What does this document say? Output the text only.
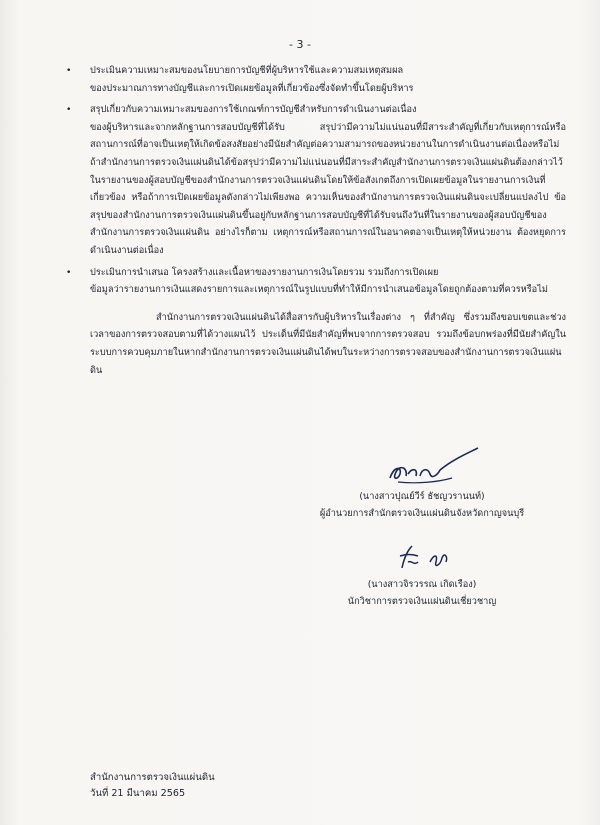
- 3 -
•	ประเมินความเหมาะสมของนโยบายการบัญชีที่ผู้บริหารใช้และความสมเหตุสมผล
ของประมาณการทางบัญชีและการเปิดเผยข้อมูลที่เกี่ยวข้องซึ่งจัดทำขึ้นโดยผู้บริหาร
•	สรุปเกี่ยวกับความเหมาะสมของการใช้เกณฑ์การบัญชีสำหรับการดำเนินงานต่อเนื่อง
ของผู้บริหารและจากหลักฐานการสอบบัญชีที่ได้รับ สรุปว่ามีความไม่แน่นอนที่มีสาระสำคัญที่เกี่ยวกับเหตุการณ์หรือสถานการณ์ที่อาจเป็นเหตุให้เกิดข้อสงสัยอย่างมีนัยสำคัญต่อความสามารถของหน่วยงานในการดำเนินงานต่อเนื่องหรือไม่ ถ้าสำนักงานการตรวจเงินแผ่นดินได้ข้อสรุปว่ามีความไม่แน่นอนที่มีสาระสำคัญสำนักงานการตรวจเงินแผ่นดินต้องกล่าวไว้ในรายงานของผู้สอบบัญชีของสำนักงานการตรวจเงินแผ่นดินโดยให้ข้อสังเกตถึงการเปิดเผยข้อมูลในรายงานการเงินที่เกี่ยวข้อง หรือถ้าการเปิดเผยข้อมูลดังกล่าวไม่เพียงพอ ความเห็นของสำนักงานการตรวจเงินแผ่นดินจะเปลี่ยนแปลงไป ข้อสรุปของสำนักงานการตรวจเงินแผ่นดินขึ้นอยู่กับหลักฐานการสอบบัญชีที่ได้รับจนถึงวันที่ในรายงานของผู้สอบบัญชีของสำนักงานการตรวจเงินแผ่นดิน อย่างไรก็ตาม เหตุการณ์หรือสถานการณ์ในอนาคตอาจเป็นเหตุให้หน่วยงาน ต้องหยุดการดำเนินงานต่อเนื่อง
•	ประเมินการนำเสนอ โครงสร้างและเนื้อหาของรายงานการเงินโดยรวม รวมถึงการเปิดเผย
ข้อมูลว่ารายงานการเงินแสดงรายการและเหตุการณ์ในรูปแบบที่ทำให้มีการนำเสนอข้อมูลโดยถูกต้องตามที่ควรหรือไม่
สำนักงานการตรวจเงินแผ่นดินได้สื่อสารกับผู้บริหารในเรื่องต่าง ๆ ที่สำคัญ ซึ่งรวมถึงขอบเขตและช่วงเวลาของการตรวจสอบตามที่ได้วางแผนไว้ ประเด็นที่มีนัยสำคัญที่พบจากการตรวจสอบ รวมถึงข้อบกพร่องที่มีนัยสำคัญในระบบการควบคุมภายในหากสำนักงานการตรวจเงินแผ่นดินได้พบในระหว่างการตรวจสอบของสำนักงานการตรวจเงินแผ่นดิน
(นางสาวปุณย์วีร์ ธัชญวรานนท์)
ผู้อำนวยการสำนักตรวจเงินแผ่นดินจังหวัดกาญจนบุรี
(นางสาวจิรวรรณ เกิดเรือง)
นักวิชาการตรวจเงินแผ่นดินเชี่ยวชาญ
สำนักงานการตรวจเงินแผ่นดิน
วันที่ 21 มีนาคม 2565
